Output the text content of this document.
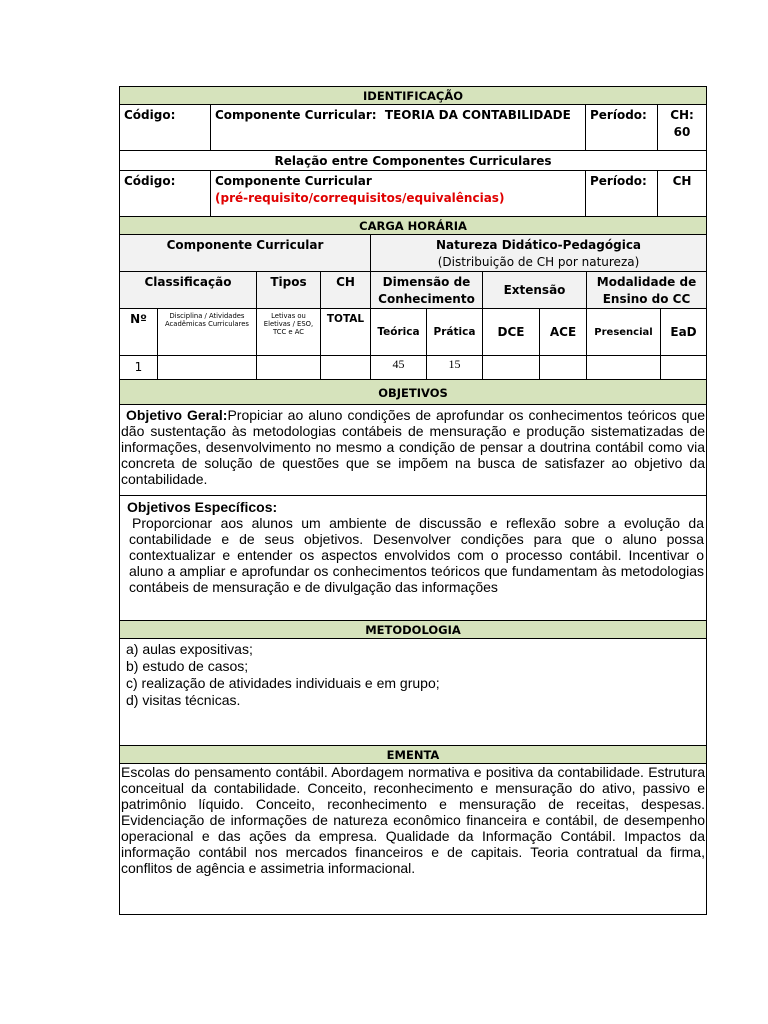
IDENTIFICAÇÃO			
Código:	Componente Curricular: TEORIA DA CONTABILIDADE	Período:	CH:
60

Relação entre Componentes Curriculares			
Código:	Componente Curricular
(pré-requisito/correquisitos/equivalências)	Período:	CH
CARGA HORÁRIA									
Componente Curricular				Natureza Didático-Pedagógica
(Distribuição de CH por natureza)					

Classificação		Tipos	CH	Dimensão de Conhecimento		Extensão		Modalidade de Ensino do CC	
Nº	Disciplina / Atividades Acadêmicas Curriculares	Letivas ou Eletivas / ESO, TCC e AC	TOTAL	Teórica	Prática	DCE	ACE	Presencial	EaD
1				45	15				
OBJETIVOS
Objetivo Geral:Propiciar ao aluno condições de aprofundar os conhecimentos teóricos que dão sustentação às metodologias contábeis de mensuração e produção sistematizadas de informações, desenvolvimento no mesmo a condição de pensar a doutrina contábil como via concreta de solução de questões que se impõem na busca de satisfazer ao objetivo da contabilidade.

Objetivos Específicos:
Proporcionar aos alunos um ambiente de discussão e reflexão sobre a evolução da contabilidade e de seus objetivos. Desenvolver condições para que o aluno possa contextualizar e entender os aspectos envolvidos com o processo contábil. Incentivar o aluno a ampliar e aprofundar os conhecimentos teóricos que fundamentam às metodologias contábeis de mensuração e de divulgação das informações

METODOLOGIA

a) aulas expositivas;
b) estudo de casos;
c) realização de atividades individuais e em grupo;
d) visitas técnicas.

EMENTA
Escolas do pensamento contábil. Abordagem normativa e positiva da contabilidade. Estrutura conceitual da contabilidade. Conceito, reconhecimento e mensuração do ativo, passivo e patrimônio líquido. Conceito, reconhecimento e mensuração de receitas, despesas. Evidenciação de informações de natureza econômico financeira e contábil, de desempenho operacional e das ações da empresa. Qualidade da Informação Contábil. Impactos da informação contábil nos mercados financeiros e de capitais. Teoria contratual da firma, conflitos de agência e assimetria informacional.
